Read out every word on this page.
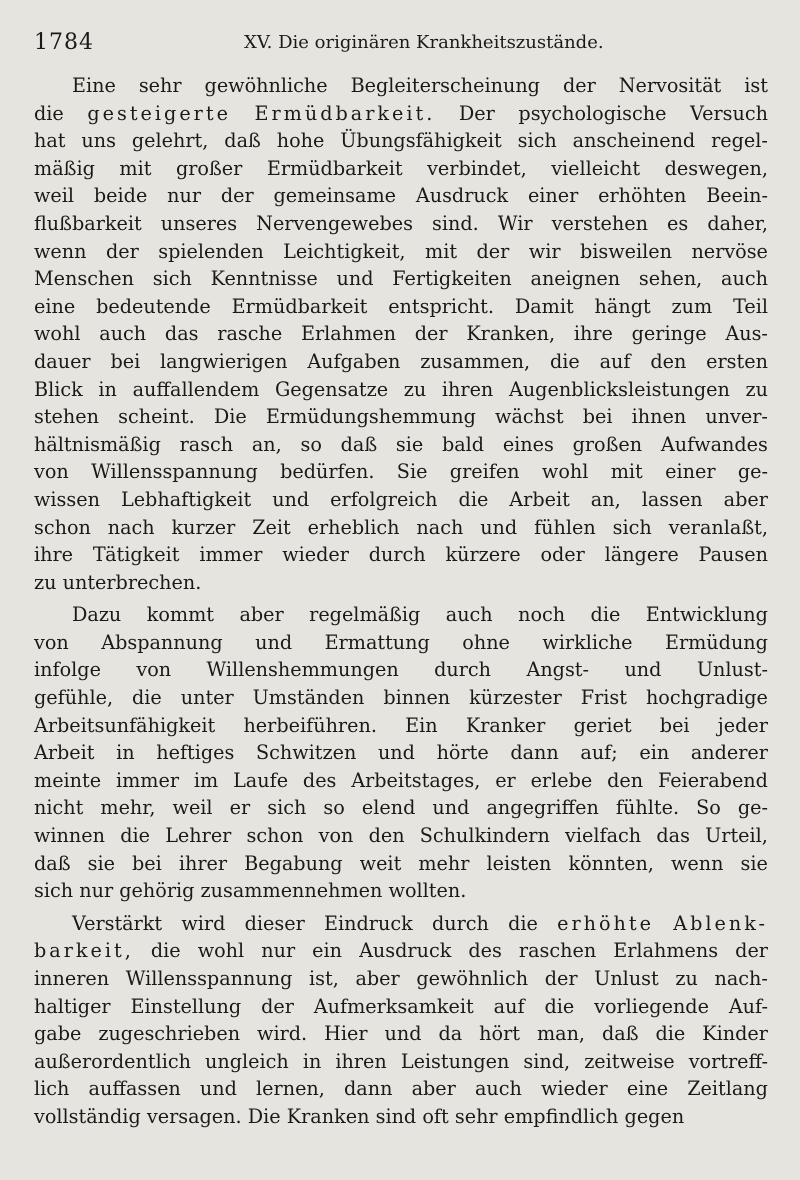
1784	XV. Die originären Krankheitszustände.
Eine sehr gewöhnliche Begleiterscheinung der Nervosität ist
die gesteigerte Ermüdbarkeit. Der psychologische Versuch
hat uns gelehrt, daß hohe Übungsfähigkeit sich anscheinend regel-
mäßig mit großer Ermüdbarkeit verbindet, vielleicht deswegen,
weil beide nur der gemeinsame Ausdruck einer erhöhten Beein-
flußbarkeit unseres Nervengewebes sind. Wir verstehen es daher,
wenn der spielenden Leichtigkeit, mit der wir bisweilen nervöse
Menschen sich Kenntnisse und Fertigkeiten aneignen sehen, auch
eine bedeutende Ermüdbarkeit entspricht. Damit hängt zum Teil
wohl auch das rasche Erlahmen der Kranken, ihre geringe Aus-
dauer bei langwierigen Aufgaben zusammen, die auf den ersten
Blick in auffallendem Gegensatze zu ihren Augenblicksleistungen zu
stehen scheint. Die Ermüdungshemmung wächst bei ihnen unver-
hältnismäßig rasch an, so daß sie bald eines großen Aufwandes
von Willensspannung bedürfen. Sie greifen wohl mit einer ge-
wissen Lebhaftigkeit und erfolgreich die Arbeit an, lassen aber
schon nach kurzer Zeit erheblich nach und fühlen sich veranlaßt,
ihre Tätigkeit immer wieder durch kürzere oder längere Pausen
zu unterbrechen.
Dazu kommt aber regelmäßig auch noch die Entwicklung
von Abspannung und Ermattung ohne wirkliche Ermüdung
infolge von Willenshemmungen durch Angst- und Unlust-
gefühle, die unter Umständen binnen kürzester Frist hochgradige
Arbeitsunfähigkeit herbeiführen. Ein Kranker geriet bei jeder
Arbeit in heftiges Schwitzen und hörte dann auf; ein anderer
meinte immer im Laufe des Arbeitstages, er erlebe den Feierabend
nicht mehr, weil er sich so elend und angegriffen fühlte. So ge-
winnen die Lehrer schon von den Schulkindern vielfach das Urteil,
daß sie bei ihrer Begabung weit mehr leisten könnten, wenn sie
sich nur gehörig zusammennehmen wollten.
Verstärkt wird dieser Eindruck durch die erhöhte Ablenk-
barkeit, die wohl nur ein Ausdruck des raschen Erlahmens der
inneren Willensspannung ist, aber gewöhnlich der Unlust zu nach-
haltiger Einstellung der Aufmerksamkeit auf die vorliegende Auf-
gabe zugeschrieben wird. Hier und da hört man, daß die Kinder
außerordentlich ungleich in ihren Leistungen sind, zeitweise vortreff-
lich auffassen und lernen, dann aber auch wieder eine Zeitlang
vollständig versagen. Die Kranken sind oft sehr empfindlich gegen
